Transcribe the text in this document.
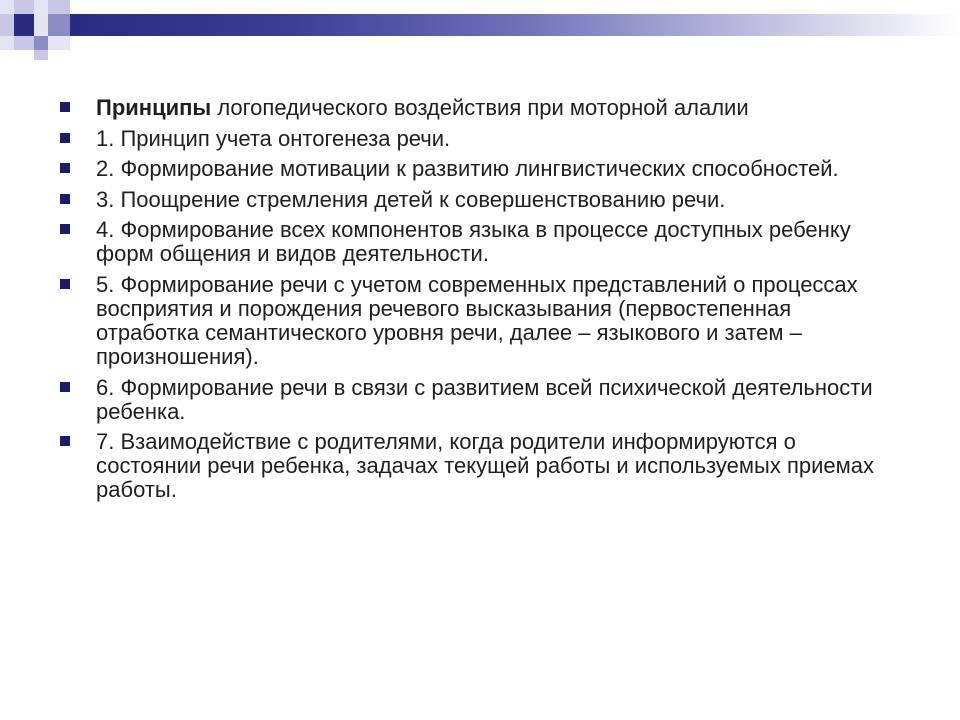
Принципы логопедического воздействия при моторной алалии
1. Принцип учета онтогенеза речи.
2. Формирование мотивации к развитию лингвистических способностей.
3. Поощрение стремления детей к совершенствованию речи.
4. Формирование всех компонентов языка в процессе доступных ребенку форм общения и видов деятельности.
5. Формирование речи с учетом современных представлений о процессах восприятия и порождения речевого высказывания (первостепенная отработка семантического уровня речи, далее – языкового и затем – произношения).
6. Формирование речи в связи с развитием всей психической деятельности ребенка.
7. Взаимодействие с родителями, когда родители информируются о состоянии речи ребенка, задачах текущей работы и используемых приемах работы.
